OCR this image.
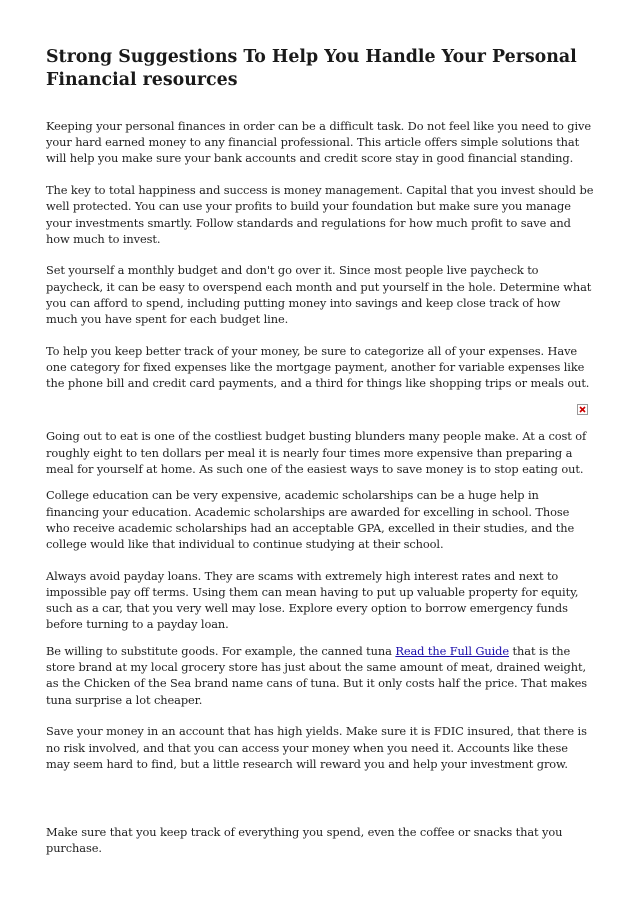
Strong Suggestions To Help You Handle Your Personal Financial resources

Keeping your personal finances in order can be a difficult task. Do not feel like you need to give your hard earned money to any financial professional. This article offers simple solutions that will help you make sure your bank accounts and credit score stay in good financial standing.

The key to total happiness and success is money management. Capital that you invest should be well protected. You can use your profits to build your foundation but make sure you manage your investments smartly. Follow standards and regulations for how much profit to save and how much to invest.

Set yourself a monthly budget and don't go over it. Since most people live paycheck to paycheck, it can be easy to overspend each month and put yourself in the hole. Determine what you can afford to spend, including putting money into savings and keep close track of how much you have spent for each budget line.

To help you keep better track of your money, be sure to categorize all of your expenses. Have one category for fixed expenses like the mortgage payment, another for variable expenses like the phone bill and credit card payments, and a third for things like shopping trips or meals out.

Going out to eat is one of the costliest budget busting blunders many people make. At a cost of roughly eight to ten dollars per meal it is nearly four times more expensive than preparing a meal for yourself at home. As such one of the easiest ways to save money is to stop eating out.

College education can be very expensive, academic scholarships can be a huge help in financing your education. Academic scholarships are awarded for excelling in school. Those who receive academic scholarships had an acceptable GPA, excelled in their studies, and the college would like that individual to continue studying at their school.

Always avoid payday loans. They are scams with extremely high interest rates and next to impossible pay off terms. Using them can mean having to put up valuable property for equity, such as a car, that you very well may lose. Explore every option to borrow emergency funds before turning to a payday loan.

Be willing to substitute goods. For example, the canned tuna Read the Full Guide that is the store brand at my local grocery store has just about the same amount of meat, drained weight, as the Chicken of the Sea brand name cans of tuna. But it only costs half the price. That makes tuna surprise a lot cheaper.

Save your money in an account that has high yields. Make sure it is FDIC insured, that there is no risk involved, and that you can access your money when you need it. Accounts like these may seem hard to find, but a little research will reward you and help your investment grow.

Make sure that you keep track of everything you spend, even the coffee or snacks that you purchase.
